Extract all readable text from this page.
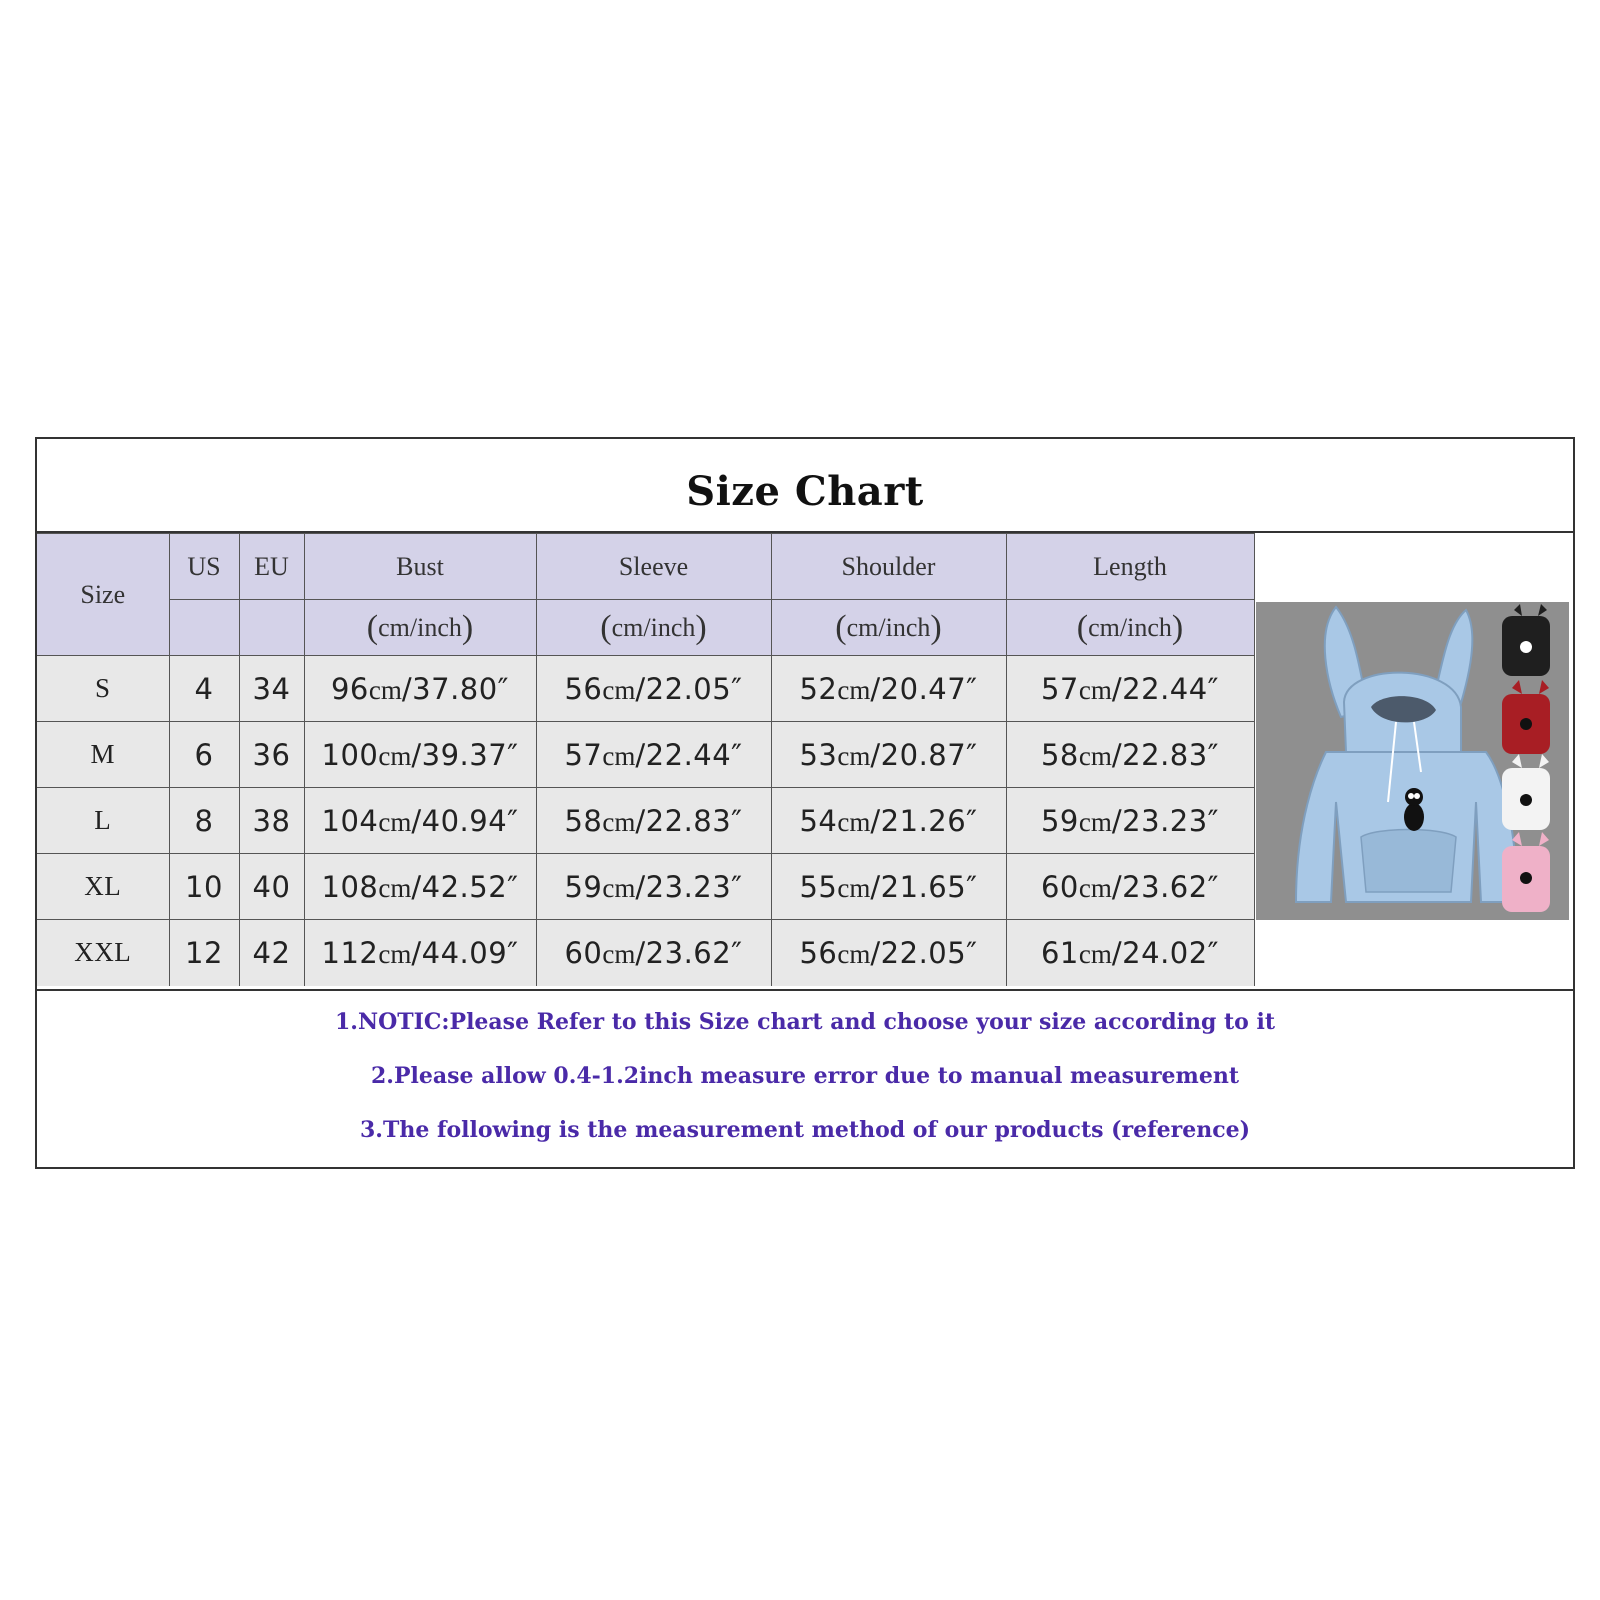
Size Chart
Size	US	EU	Bust	Sleeve	Shoulder	Length
			(cm/inch)	(cm/inch)	(cm/inch)	(cm/inch)
S	4	34	96cm/37.80″	56cm/22.05″	52cm/20.47″	57cm/22.44″
M	6	36	100cm/39.37″	57cm/22.44″	53cm/20.87″	58cm/22.83″
L	8	38	104cm/40.94″	58cm/22.83″	54cm/21.26″	59cm/23.23″
XL	10	40	108cm/42.52″	59cm/23.23″	55cm/21.65″	60cm/23.62″
XXL	12	42	112cm/44.09″	60cm/23.62″	56cm/22.05″	61cm/24.02″

1.NOTIC:Please Refer to this Size chart and choose your size according to it

2.Please allow 0.4-1.2inch measure error due to manual measurement

3.The following is the measurement method of our products (reference)
